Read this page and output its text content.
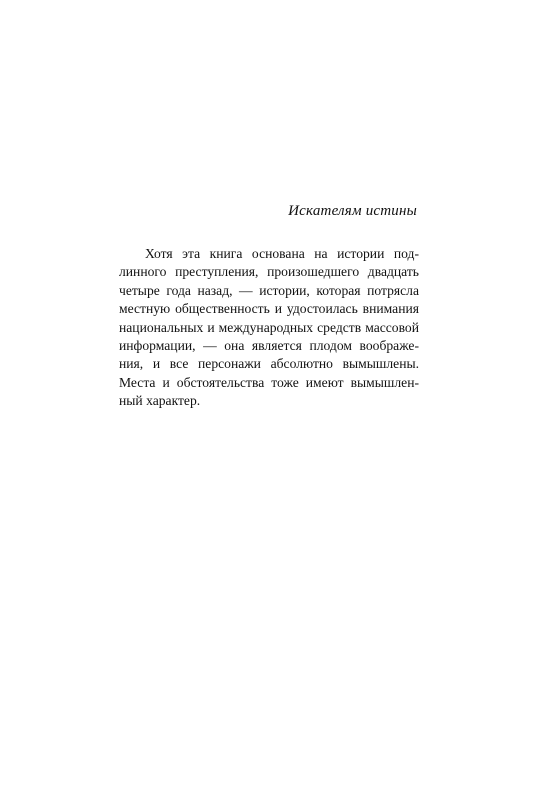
Искателям истины
Хотя эта книга основана на истории под-
линного преступления, произошедшего двадцать
четыре года назад, — истории, которая потрясла
местную общественность и удостоилась внимания
национальных и международных средств массовой
информации, — она является плодом воображе-
ния, и все персонажи абсолютно вымышлены.
Места и обстоятельства тоже имеют вымышлен-
ный характер.
